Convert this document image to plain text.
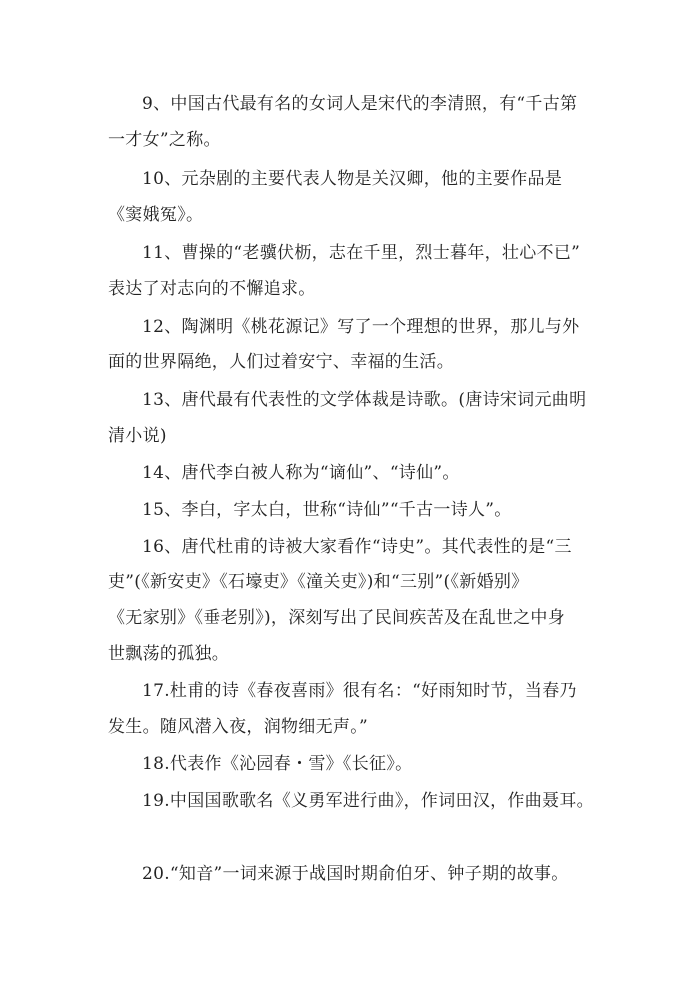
9、中国古代最有名的女词人是宋代的李清照，有“千古第
一才女”之称。
10、元杂剧的主要代表人物是关汉卿，他的主要作品是
《窦娥冤》。
11、曹操的“老骥伏枥，志在千里，烈士暮年，壮心不已”
表达了对志向的不懈追求。
12、陶渊明《桃花源记》写了一个理想的世界，那儿与外
面的世界隔绝，人们过着安宁、幸福的生活。
13、唐代最有代表性的文学体裁是诗歌。(唐诗宋词元曲明
清小说)
14、唐代李白被人称为“谪仙”、“诗仙”。
15、李白，字太白，世称“诗仙”“千古一诗人”。
16、唐代杜甫的诗被大家看作“诗史”。其代表性的是“三
吏”(《新安吏》《石壕吏》《潼关吏》)和“三别”(《新婚别》
《无家别》《垂老别》)，深刻写出了民间疾苦及在乱世之中身
世飘荡的孤独。
17.杜甫的诗《春夜喜雨》很有名：“好雨知时节，当春乃
发生。随风潜入夜，润物细无声。”
18.代表作《沁园春・雪》《长征》。
19.中国国歌歌名《义勇军进行曲》，作词田汉，作曲聂耳。
20.“知音”一词来源于战国时期俞伯牙、钟子期的故事。
